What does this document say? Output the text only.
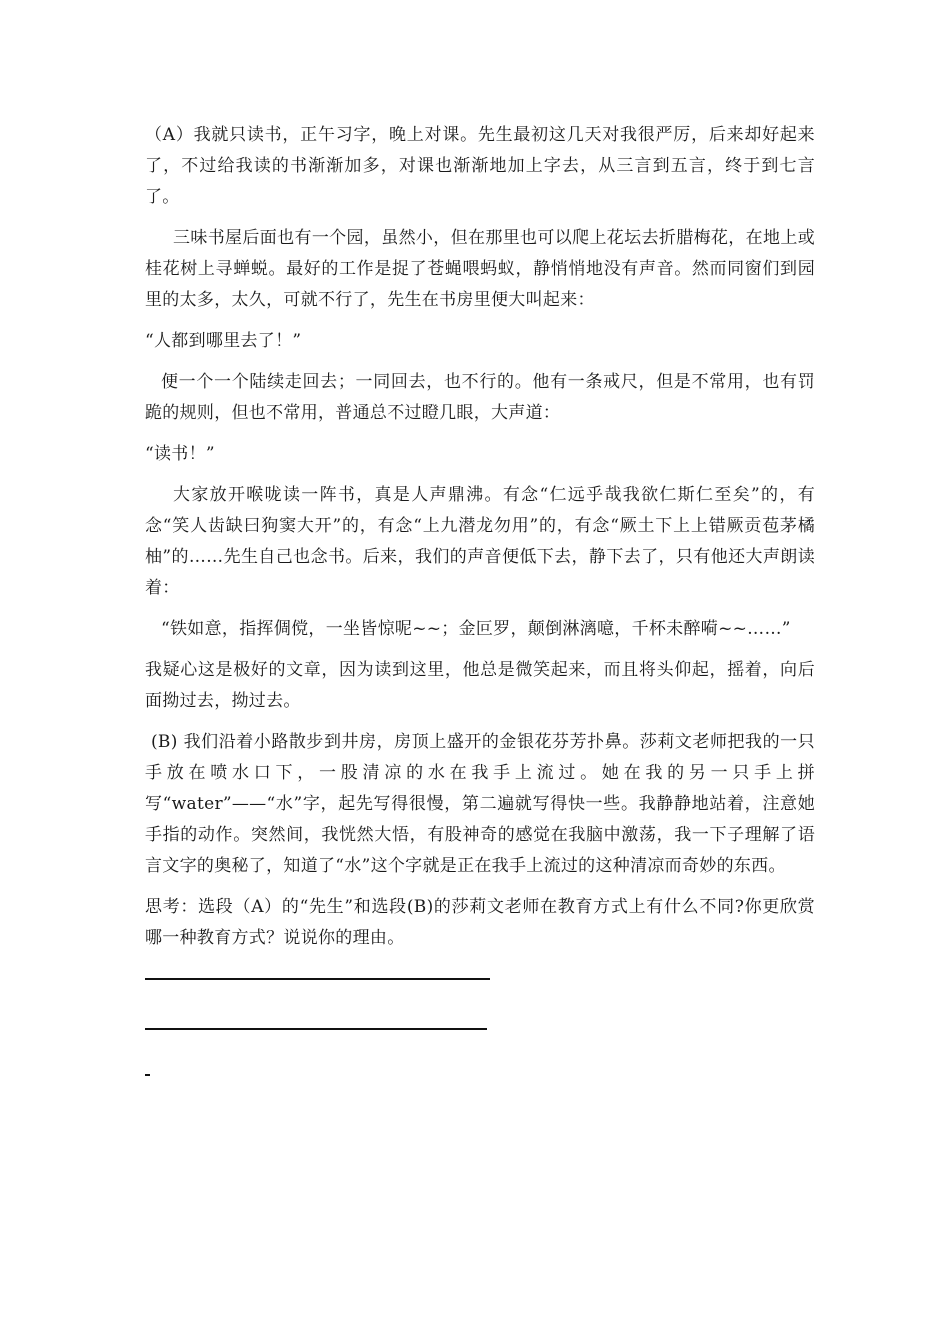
（A）我就只读书，正午习字，晚上对课。先生最初这几天对我很严厉，后来却好起来了，不过给我读的书渐渐加多，对课也渐渐地加上字去，从三言到五言，终于到七言了。

三味书屋后面也有一个园，虽然小，但在那里也可以爬上花坛去折腊梅花，在地上或桂花树上寻蝉蜕。最好的工作是捉了苍蝇喂蚂蚁，静悄悄地没有声音。然而同窗们到园里的太多，太久，可就不行了，先生在书房里便大叫起来：

“人都到哪里去了！”

便一个一个陆续走回去；一同回去，也不行的。他有一条戒尺，但是不常用，也有罚跪的规则，但也不常用，普通总不过瞪几眼，大声道：

“读书！”

大家放开喉咙读一阵书，真是人声鼎沸。有念“仁远乎哉我欲仁斯仁至矣”的，有念“笑人齿缺曰狗窦大开”的，有念“上九潜龙勿用”的，有念“厥土下上上错厥贡苞茅橘柚”的……先生自己也念书。后来，我们的声音便低下去，静下去了，只有他还大声朗读着：

“铁如意，指挥倜傥，一坐皆惊呢~~；金叵罗，颠倒淋漓噫，千杯未醉嗬~~……”

我疑心这是极好的文章，因为读到这里，他总是微笑起来，而且将头仰起，摇着，向后面拗过去，拗过去。

(B) 我们沿着小路散步到井房，房顶上盛开的金银花芬芳扑鼻。莎莉文老师把我的一只手放在喷水口下，一股清凉的水在我手上流过。她在我的另一只手上拼写“water”——“水”字，起先写得很慢，第二遍就写得快一些。我静静地站着，注意她手指的动作。突然间，我恍然大悟，有股神奇的感觉在我脑中激荡，我一下子理解了语言文字的奥秘了，知道了“水”这个字就是正在我手上流过的这种清凉而奇妙的东西。

思考：选段（A）的“先生”和选段(B)的莎莉文老师在教育方式上有什么不同?你更欣赏哪一种教育方式？说说你的理由。
